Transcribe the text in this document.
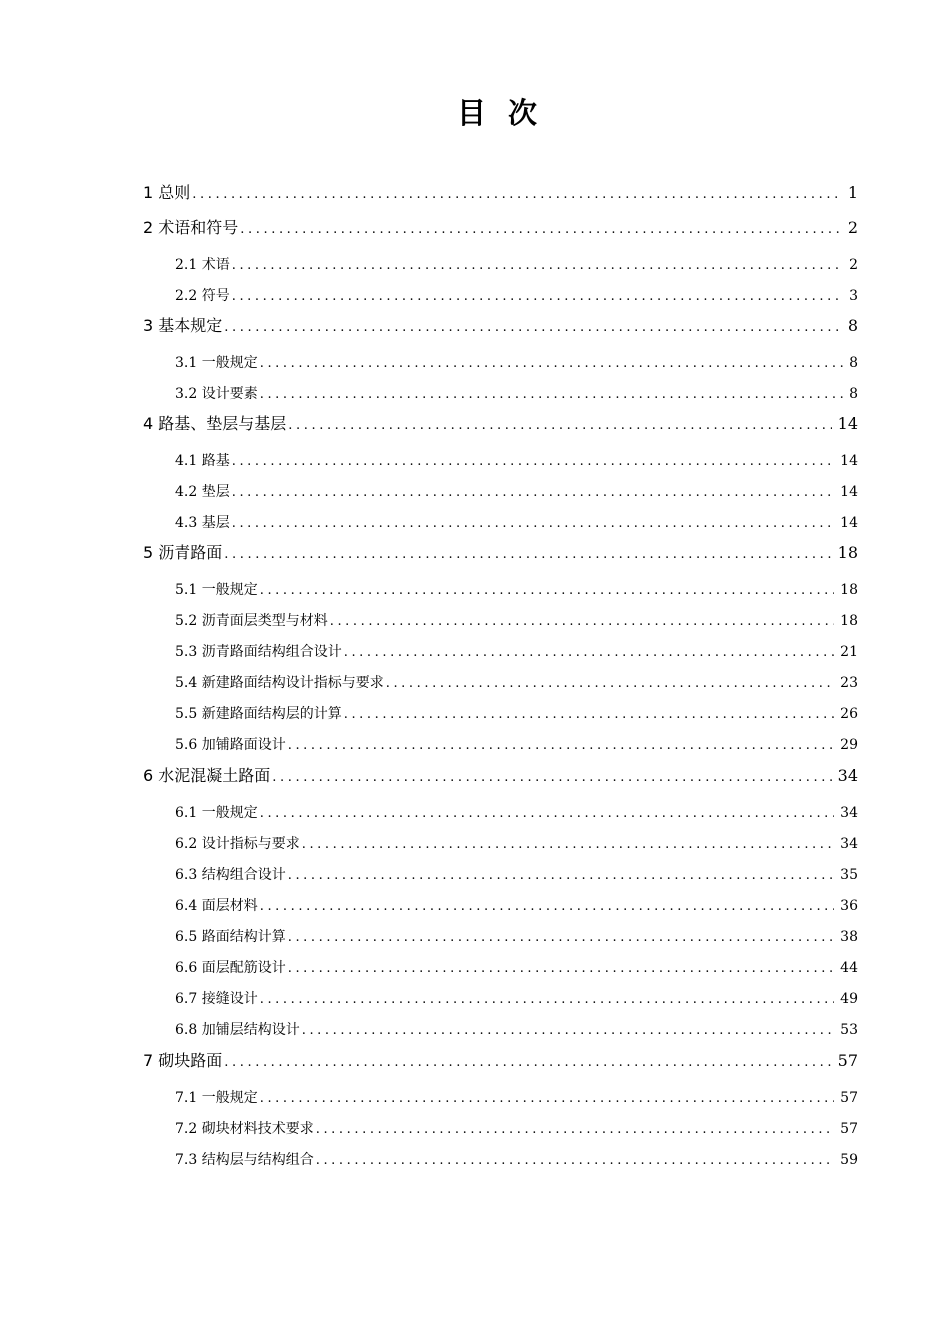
目 次
1 总则 .....	1
2 术语和符号 .....	2
2.1 术语 .....	2
2.2 符号 .....	3
3 基本规定 .....	8
3.1 一般规定 .....	8
3.2 设计要素 .....	8
4 路基、垫层与基层 .....	14
4.1 路基 .....	14
4.2 垫层 .....	14
4.3 基层 .....	14
5 沥青路面 .....	18
5.1 一般规定 .....	18
5.2 沥青面层类型与材料 .....	18
5.3 沥青路面结构组合设计 .....	21
5.4 新建路面结构设计指标与要求 .....	23
5.5 新建路面结构层的计算 .....	26
5.6 加铺路面设计 .....	29
6 水泥混凝土路面 .....	34
6.1 一般规定 .....	34
6.2 设计指标与要求 .....	34
6.3 结构组合设计 .....	35
6.4 面层材料 .....	36
6.5 路面结构计算 .....	38
6.6 面层配筋设计 .....	44
6.7 接缝设计 .....	49
6.8 加铺层结构设计 .....	53
7 砌块路面 .....	57
7.1 一般规定 .....	57
7.2 砌块材料技术要求 .....	57
7.3 结构层与结构组合 .....	59
